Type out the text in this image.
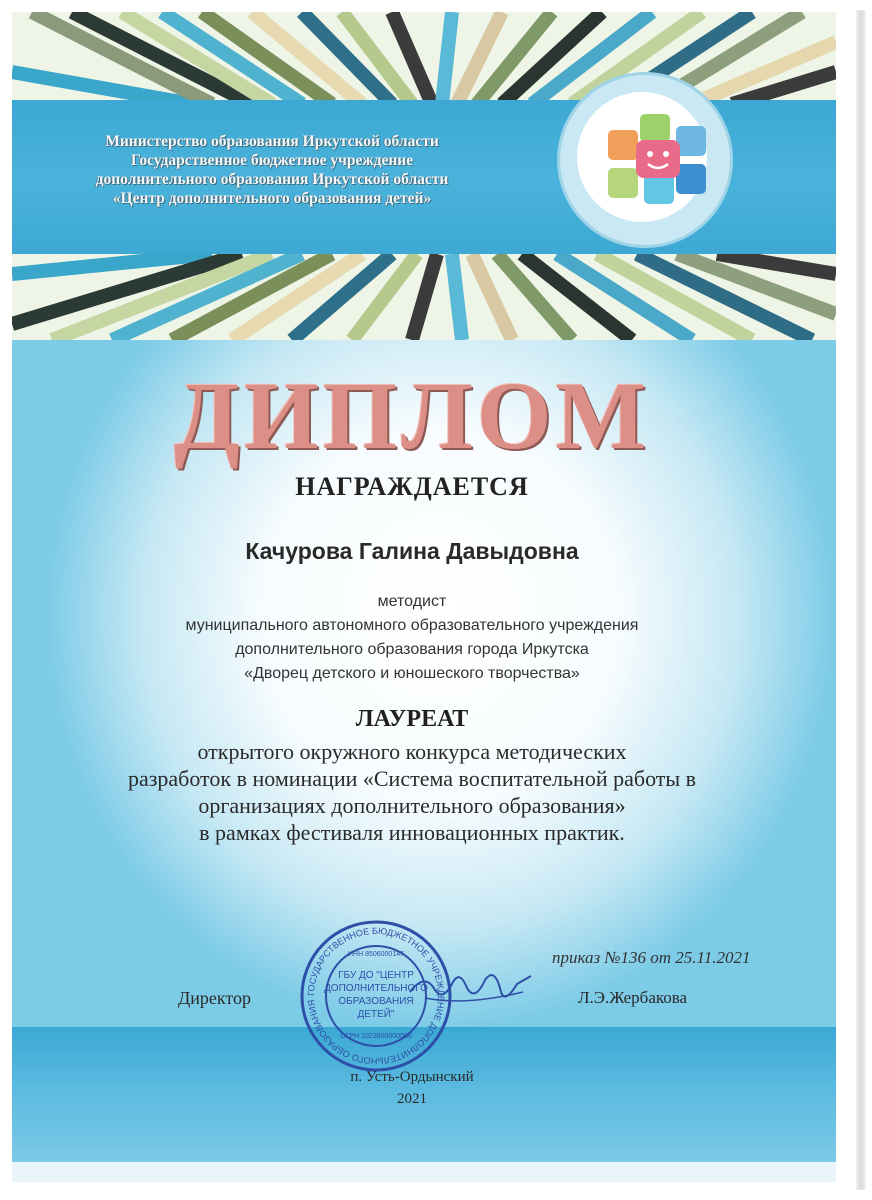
Министерство образования Иркутской области
Государственное бюджетное учреждение
дополнительного образования Иркутской области
«Центр дополнительного образования детей»
ДИПЛОМ
НАГРАЖДАЕТСЯ
Качурова Галина Давыдовна
методист
муниципального автономного образовательного учреждения
дополнительного образования города Иркутска
«Дворец детского и юношеского творчества»
ЛАУРЕАТ
открытого окружного конкурса методических
разработок в номинации «Система воспитательной работы в
организациях дополнительного образования»
в рамках фестиваля инновационных практик.
приказ №136 от 25.11.2021
Директор	Л.Э.Жербакова
ГОСУДАРСТВЕННОЕ БЮДЖЕТНОЕ УЧРЕЖДЕНИЕ ДОПОЛНИТЕЛЬНОГО ОБРАЗОВАНИЯ
ГБУ ДО "ЦЕНТР
ДОПОЛНИТЕЛЬНОГО
ОБРАЗОВАНИЯ
ДЕТЕЙ"
ИНН 8506000147
ОГРН 1023800000006
п. Усть-Ордынский
2021
